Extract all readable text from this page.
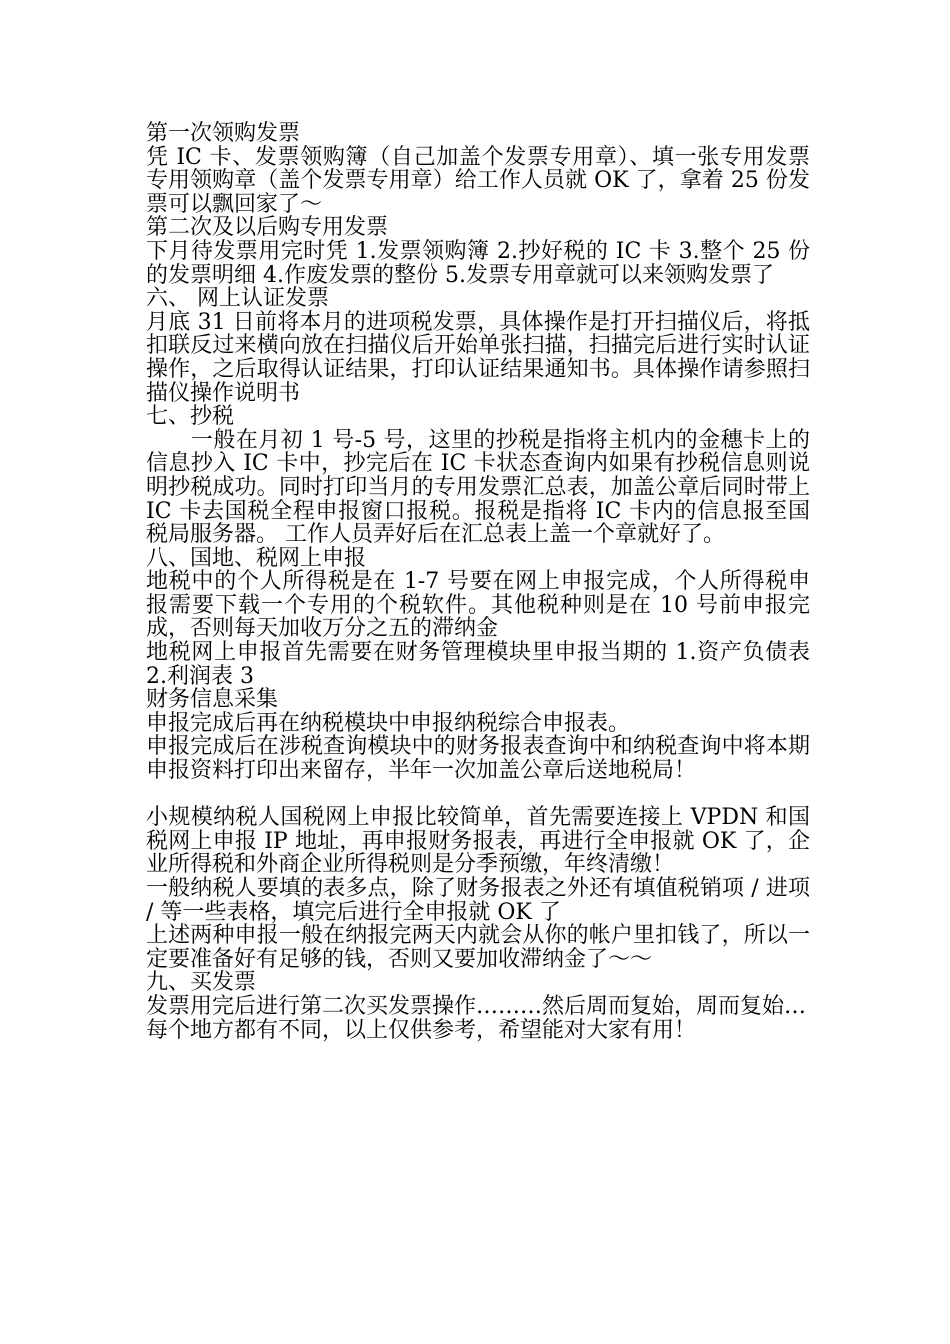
第一次领购发票

凭 IC 卡、发票领购簿（自己加盖个发票专用章）、填一张专用发票专用领购章（盖个发票专用章）给工作人员就 OK 了，拿着 25 份发票可以飘回家了～

第二次及以后购专用发票

下月待发票用完时凭 1.发票领购簿 2.抄好税的 IC 卡 3.整个 25 份的发票明细 4.作废发票的整份 5.发票专用章就可以来领购发票了

六、 网上认证发票

月底 31 日前将本月的进项税发票，具体操作是打开扫描仪后，将抵扣联反过来横向放在扫描仪后开始单张扫描，扫描完后进行实时认证操作，之后取得认证结果，打印认证结果通知书。具体操作请参照扫描仪操作说明书

七、抄税

　　一般在月初 1 号-5 号，这里的抄税是指将主机内的金穗卡上的信息抄入 IC 卡中，抄完后在 IC 卡状态查询内如果有抄税信息则说明抄税成功。同时打印当月的专用发票汇总表，加盖公章后同时带上 IC 卡去国税全程申报窗口报税。报税是指将 IC 卡内的信息报至国税局服务器。 工作人员弄好后在汇总表上盖一个章就好了。

八、国地、税网上申报

地税中的个人所得税是在 1-7 号要在网上申报完成，个人所得税申报需要下载一个专用的个税软件。其他税种则是在 10 号前申报完成，否则每天加收万分之五的滞纳金

地税网上申报首先需要在财务管理模块里申报当期的 1.资产负债表 2.利润表 3

财务信息采集

申报完成后再在纳税模块中申报纳税综合申报表。

申报完成后在涉税查询模块中的财务报表查询中和纳税查询中将本期申报资料打印出来留存，半年一次加盖公章后送地税局！

小规模纳税人国税网上申报比较简单，首先需要连接上 VPDN 和国税网上申报 IP 地址，再申报财务报表，再进行全申报就 OK 了，企业所得税和外商企业所得税则是分季预缴，年终清缴！

一般纳税人要填的表多点，除了财务报表之外还有填值税销项 / 进项 / 等一些表格，填完后进行全申报就 OK 了

上述两种申报一般在纳报完两天内就会从你的帐户里扣钱了，所以一定要准备好有足够的钱，否则又要加收滞纳金了～～

九、买发票

发票用完后进行第二次买发票操作………然后周而复始，周而复始…

每个地方都有不同，以上仅供参考，希望能对大家有用！
